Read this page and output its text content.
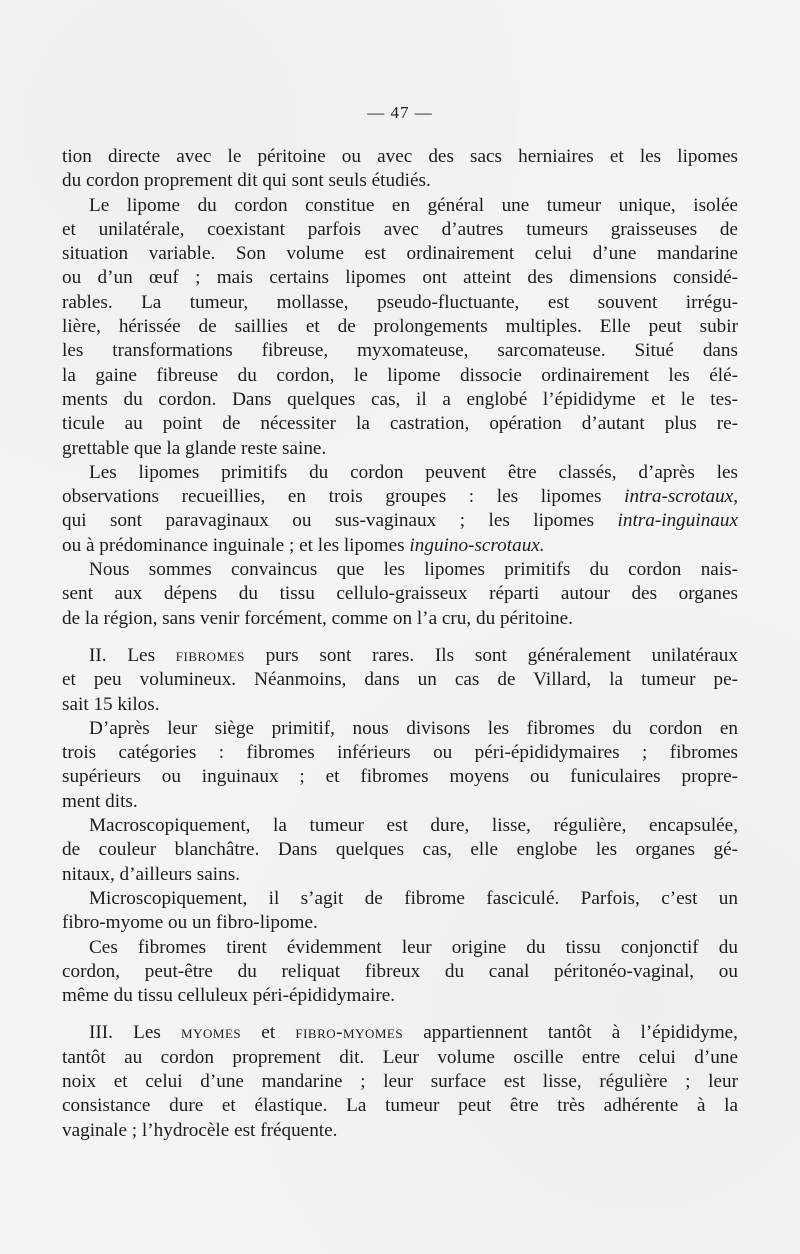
— 47 —
tion directe avec le péritoine ou avec des sacs herniaires et les lipomes
du cordon proprement dit qui sont seuls étudiés.
Le lipome du cordon constitue en général une tumeur unique, isolée
et unilatérale, coexistant parfois avec d’autres tumeurs graisseuses de
situation variable. Son volume est ordinairement celui d’une mandarine
ou d’un œuf ; mais certains lipomes ont atteint des dimensions considé-
rables. La tumeur, mollasse, pseudo-fluctuante, est souvent irrégu-
lière, hérissée de saillies et de prolongements multiples. Elle peut subir
les transformations fibreuse, myxomateuse, sarcomateuse. Situé dans
la gaine fibreuse du cordon, le lipome dissocie ordinairement les élé-
ments du cordon. Dans quelques cas, il a englobé l’épididyme et le tes-
ticule au point de nécessiter la castration, opération d’autant plus re-
grettable que la glande reste saine.
Les lipomes primitifs du cordon peuvent être classés, d’après les
observations recueillies, en trois groupes : les lipomes intra-scrotaux,
qui sont paravaginaux ou sus-vaginaux ; les lipomes intra-inguinaux
ou à prédominance inguinale ; et les lipomes inguino-scrotaux.
Nous sommes convaincus que les lipomes primitifs du cordon nais-
sent aux dépens du tissu cellulo-graisseux réparti autour des organes
de la région, sans venir forcément, comme on l’a cru, du péritoine.
II. Les fibromes purs sont rares. Ils sont généralement unilatéraux
et peu volumineux. Néanmoins, dans un cas de Villard, la tumeur pe-
sait 15 kilos.
D’après leur siège primitif, nous divisons les fibromes du cordon en
trois catégories : fibromes inférieurs ou péri-épididymaires ; fibromes
supérieurs ou inguinaux ; et fibromes moyens ou funiculaires propre-
ment dits.
Macroscopiquement, la tumeur est dure, lisse, régulière, encapsulée,
de couleur blanchâtre. Dans quelques cas, elle englobe les organes gé-
nitaux, d’ailleurs sains.
Microscopiquement, il s’agit de fibrome fasciculé. Parfois, c’est un
fibro-myome ou un fibro-lipome.
Ces fibromes tirent évidemment leur origine du tissu conjonctif du
cordon, peut-être du reliquat fibreux du canal péritonéo-vaginal, ou
même du tissu celluleux péri-épididymaire.
III. Les myomes et fibro-myomes appartiennent tantôt à l’épididyme,
tantôt au cordon proprement dit. Leur volume oscille entre celui d’une
noix et celui d’une mandarine ; leur surface est lisse, régulière ; leur
consistance dure et élastique. La tumeur peut être très adhérente à la
vaginale ; l’hydrocèle est fréquente.
